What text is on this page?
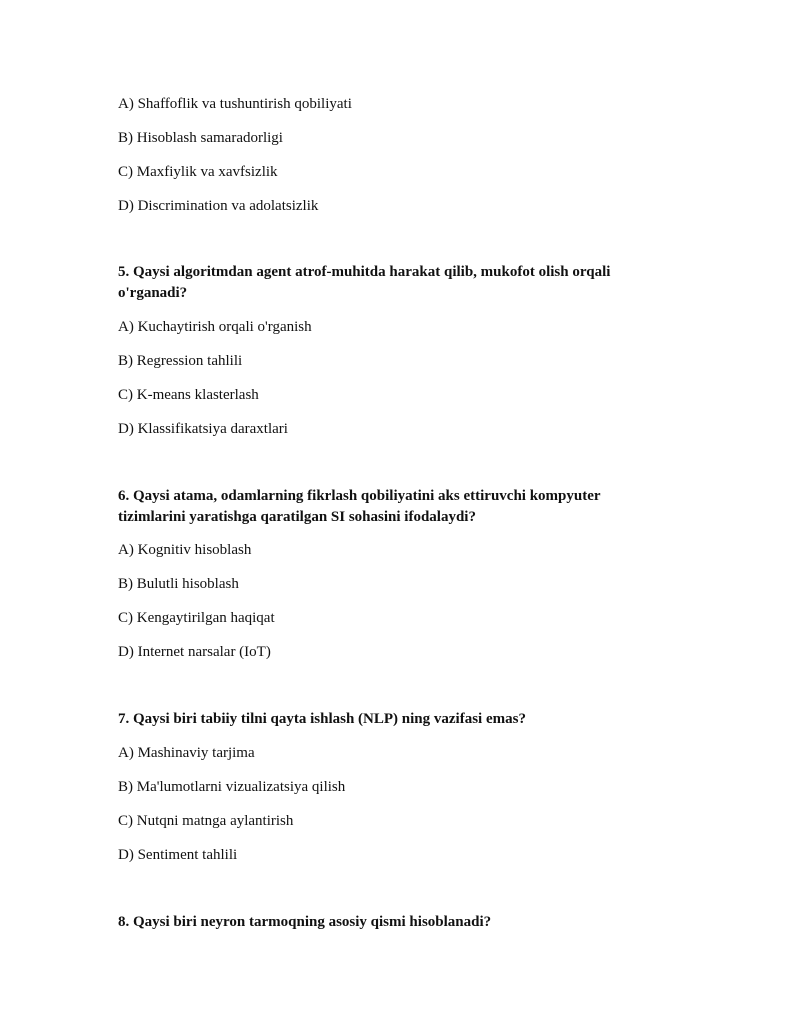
A) Shaffoflik va tushuntirish qobiliyati
B) Hisoblash samaradorligi
C) Maxfiylik va xavfsizlik
D) Discrimination va adolatsizlik
5. Qaysi algoritmdan agent atrof-muhitda harakat qilib, mukofot olish orqali o'rganadi?
A) Kuchaytirish orqali o'rganish
B) Regression tahlili
C) K-means klasterlash
D) Klassifikatsiya daraxtlari
6. Qaysi atama, odamlarning fikrlash qobiliyatini aks ettiruvchi kompyuter tizimlarini yaratishga qaratilgan SI sohasini ifodalaydi?
A) Kognitiv hisoblash
B) Bulutli hisoblash
C) Kengaytirilgan haqiqat
D) Internet narsalar (IoT)
7. Qaysi biri tabiiy tilni qayta ishlash (NLP) ning vazifasi emas?
A) Mashinaviy tarjima
B) Ma'lumotlarni vizualizatsiya qilish
C) Nutqni matnga aylantirish
D) Sentiment tahlili
8. Qaysi biri neyron tarmoqning asosiy qismi hisoblanadi?
